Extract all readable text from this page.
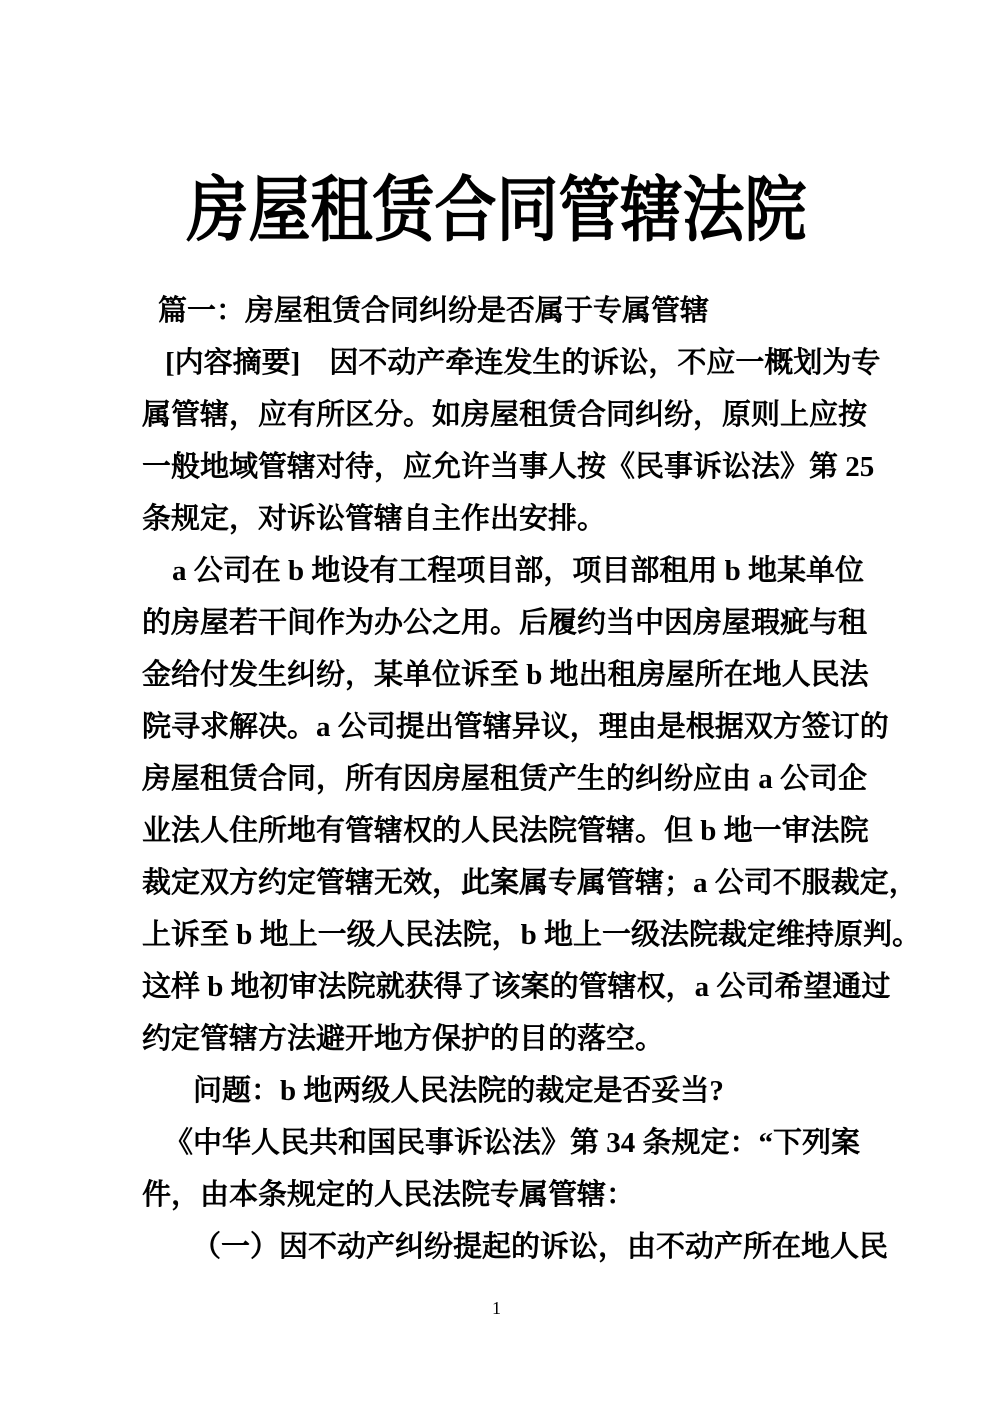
房屋租赁合同管辖法院
篇一：房屋租赁合同纠纷是否属于专属管辖
[内容摘要]　因不动产牵连发生的诉讼，不应一概划为专
属管辖，应有所区分。如房屋租赁合同纠纷，原则上应按
一般地域管辖对待，应允许当事人按《民事诉讼法》第 25
条规定，对诉讼管辖自主作出安排。
a 公司在 b 地设有工程项目部，项目部租用 b 地某单位
的房屋若干间作为办公之用。后履约当中因房屋瑕疵与租
金给付发生纠纷，某单位诉至 b 地出租房屋所在地人民法
院寻求解决。a 公司提出管辖异议，理由是根据双方签订的
房屋租赁合同，所有因房屋租赁产生的纠纷应由 a 公司企
业法人住所地有管辖权的人民法院管辖。但 b 地一审法院
裁定双方约定管辖无效，此案属专属管辖；a 公司不服裁定，
上诉至 b 地上一级人民法院，b 地上一级法院裁定维持原判。
这样 b 地初审法院就获得了该案的管辖权，a 公司希望通过
约定管辖方法避开地方保护的目的落空。
问题：b 地两级人民法院的裁定是否妥当?
《中华人民共和国民事诉讼法》第 34 条规定：“下列案
件，由本条规定的人民法院专属管辖：
（一）因不动产纠纷提起的诉讼，由不动产所在地人民
1
